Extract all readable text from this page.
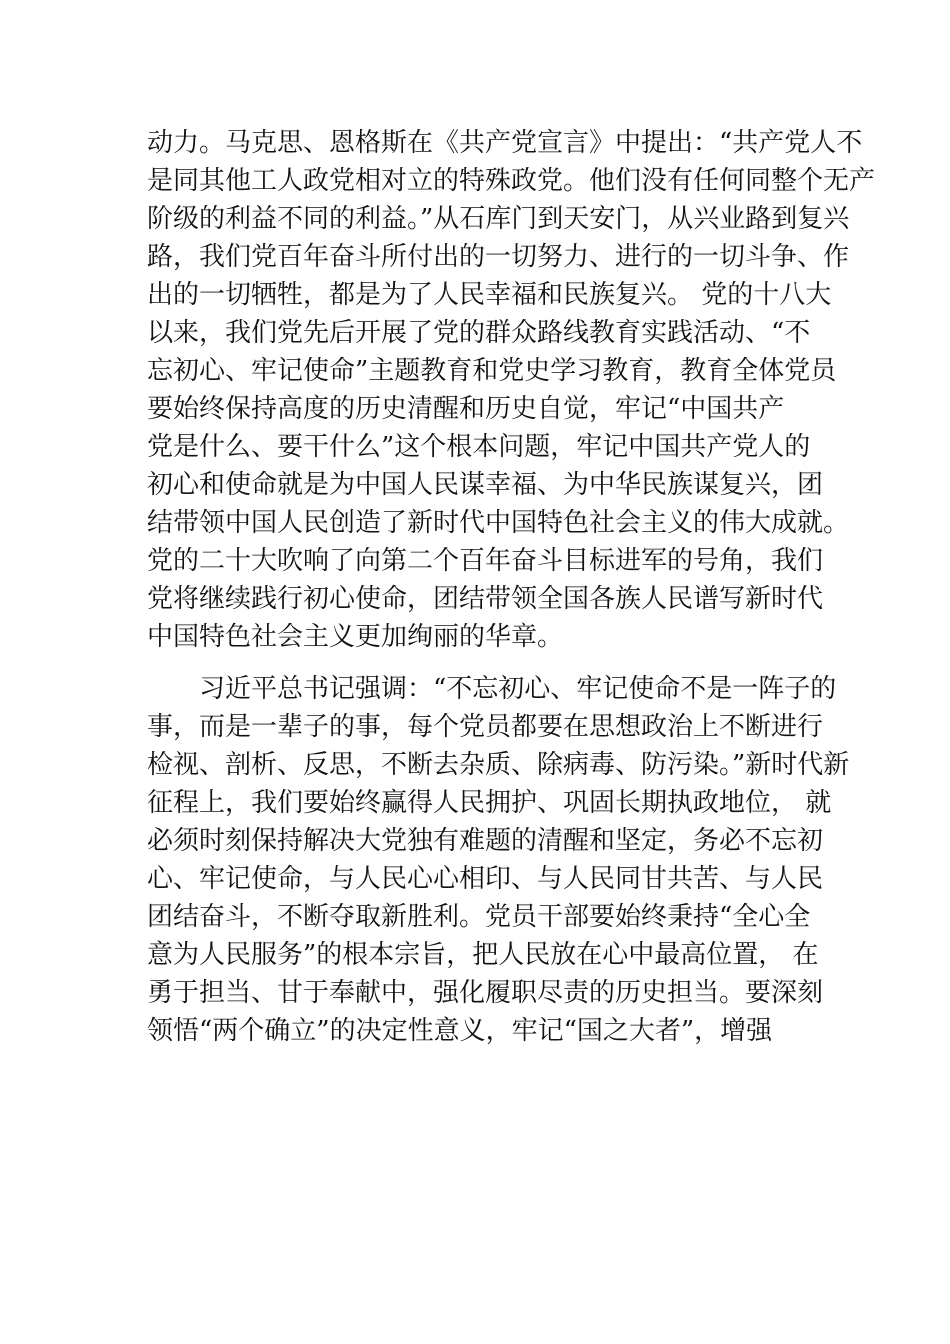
动力。马克思、恩格斯在《共产党宣言》中提出：“共产党人不
是同其他工人政党相对立的特殊政党。他们没有任何同整个无产
阶级的利益不同的利益。”从石库门到天安门，从兴业路到复兴
路，我们党百年奋斗所付出的一切努力、进行的一切斗争、作
出的一切牺牲，都是为了人民幸福和民族复兴。 党的十八大
以来，我们党先后开展了党的群众路线教育实践活动、“不
忘初心、牢记使命”主题教育和党史学习教育，教育全体党员
要始终保持高度的历史清醒和历史自觉，牢记“中国共产
党是什么、要干什么”这个根本问题，牢记中国共产党人的
初心和使命就是为中国人民谋幸福、为中华民族谋复兴，团
结带领中国人民创造了新时代中国特色社会主义的伟大成就。
党的二十大吹响了向第二个百年奋斗目标进军的号角，我们
党将继续践行初心使命，团结带领全国各族人民谱写新时代
中国特色社会主义更加绚丽的华章。
　　习近平总书记强调：“不忘初心、牢记使命不是一阵子的
事，而是一辈子的事，每个党员都要在思想政治上不断进行
检视、剖析、反思，不断去杂质、除病毒、防污染。”新时代新
征程上，我们要始终赢得人民拥护、巩固长期执政地位， 就
必须时刻保持解决大党独有难题的清醒和坚定，务必不忘初
心、牢记使命，与人民心心相印、与人民同甘共苦、与人民
团结奋斗，不断夺取新胜利。党员干部要始终秉持“全心全
意为人民服务”的根本宗旨，把人民放在心中最高位置， 在
勇于担当、甘于奉献中，强化履职尽责的历史担当。要深刻
领悟“两个确立”的决定性意义，牢记“国之大者”，增强
